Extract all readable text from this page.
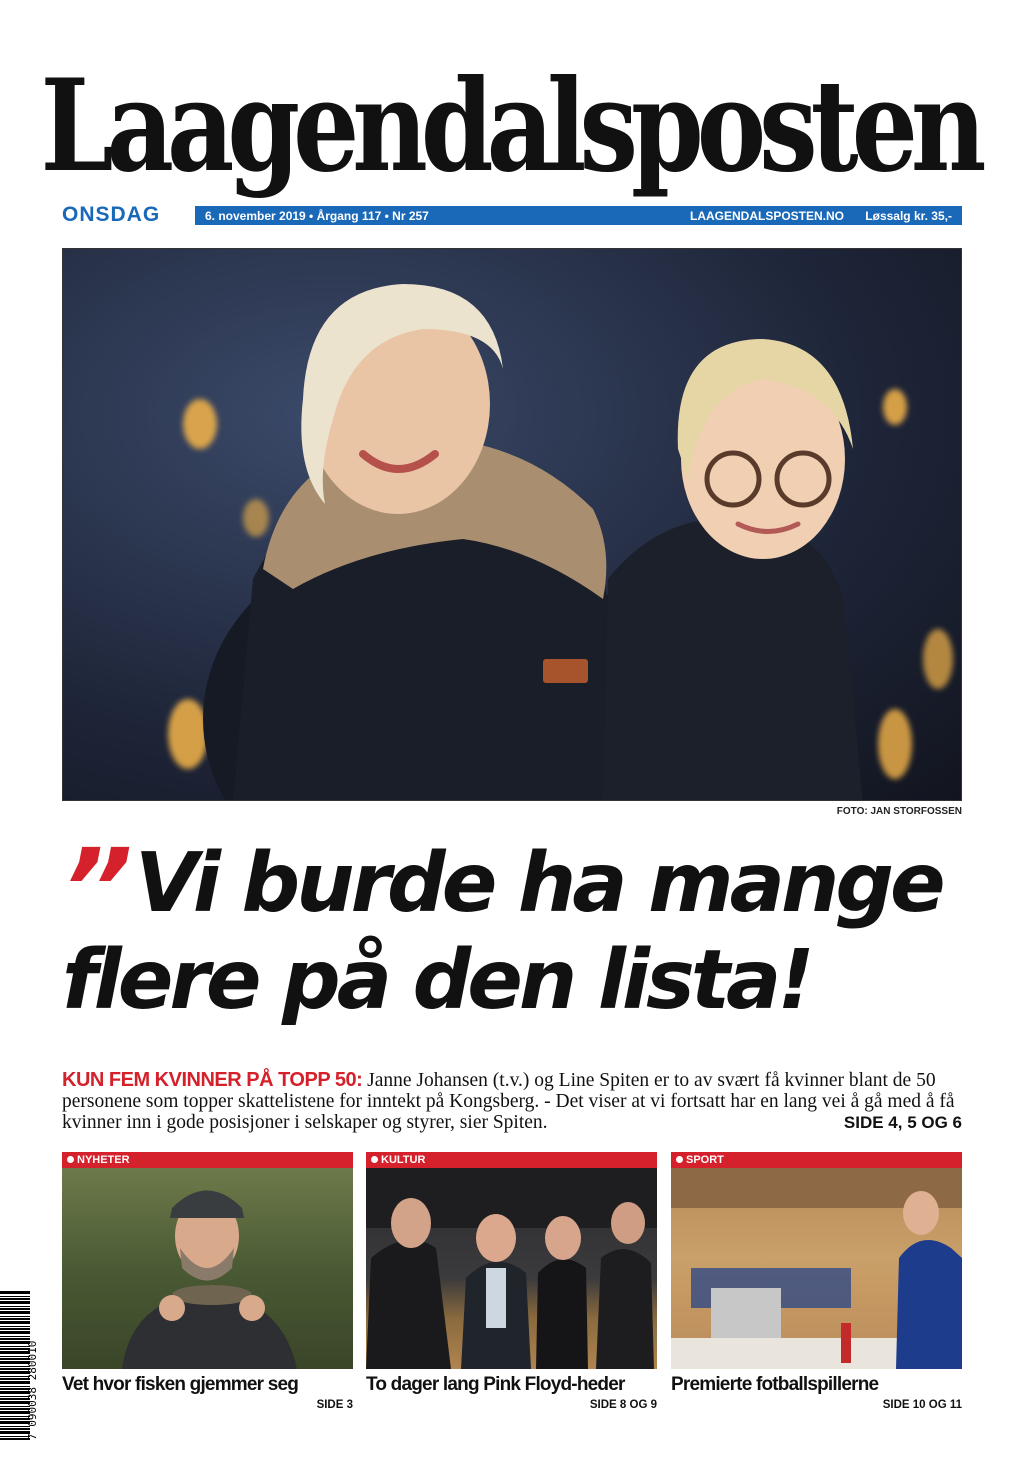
Laagendalsposten
ONSDAG	6. november 2019 • Årgang 117 • Nr 257	LAAGENDALSPOSTEN.NO Løssalg kr. 35,-
FOTO: JAN STORFOSSEN
” Vi burde ha mange flere på den lista!
KUN FEM KVINNER PÅ TOPP 50: Janne Johansen (t.v.) og Line Spiten er to av svært få kvinner blant de 50 personene som topper skattelistene for inntekt på Kongsberg. - Det viser at vi fortsatt har en lang vei å gå med å få kvinner inn i gode posisjoner i selskaper og styrer, sier Spiten.	SIDE 4, 5 OG 6
NYHETER
Vet hvor fisken gjemmer seg
SIDE 3
KULTUR
To dager lang Pink Floyd-heder
SIDE 8 OG 9
SPORT
Premierte fotballspillerne
SIDE 10 OG 11
7 090038 280010
